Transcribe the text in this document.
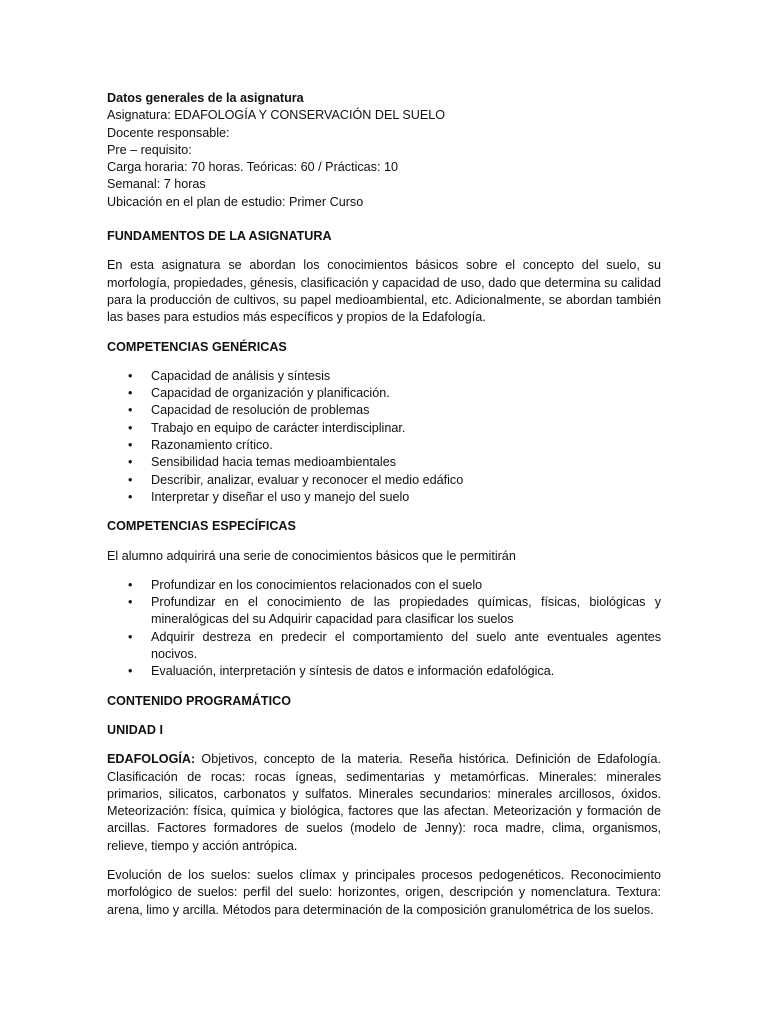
Datos generales de la asignatura

Asignatura: EDAFOLOGÍA Y CONSERVACIÓN DEL SUELO

Docente responsable:

Pre – requisito:

Carga horaria: 70 horas. Teóricas: 60 / Prácticas: 10

Semanal: 7 horas

Ubicación en el plan de estudio: Primer Curso

FUNDAMENTOS DE LA ASIGNATURA

En esta asignatura se abordan los conocimientos básicos sobre el concepto del suelo, su morfología, propiedades, génesis, clasificación y capacidad de uso, dado que determina su calidad para la producción de cultivos, su papel medioambiental, etc. Adicionalmente, se abordan también las bases para estudios más específicos y propios de la Edafología.

COMPETENCIAS GENÉRICAS

• Capacidad de análisis y síntesis
• Capacidad de organización y planificación.
• Capacidad de resolución de problemas
• Trabajo en equipo de carácter interdisciplinar.
• Razonamiento crítico.
• Sensibilidad hacia temas medioambientales
• Describir, analizar, evaluar y reconocer el medio edáfico
• Interpretar y diseñar el uso y manejo del suelo

COMPETENCIAS ESPECÍFICAS

El alumno adquirirá una serie de conocimientos básicos que le permitirán

• Profundizar en los conocimientos relacionados con el suelo
• Profundizar en el conocimiento de las propiedades químicas, físicas, biológicas y mineralógicas del su Adquirir capacidad para clasificar los suelos
• Adquirir destreza en predecir el comportamiento del suelo ante eventuales agentes nocivos.
• Evaluación, interpretación y síntesis de datos e información edafológica.

CONTENIDO PROGRAMÁTICO

UNIDAD I

EDAFOLOGÍA: Objetivos, concepto de la materia. Reseña histórica. Definición de Edafología. Clasificación de rocas: rocas ígneas, sedimentarias y metamórficas. Minerales: minerales primarios, silicatos, carbonatos y sulfatos. Minerales secundarios: minerales arcillosos, óxidos. Meteorización: física, química y biológica, factores que las afectan. Meteorización y formación de arcillas. Factores formadores de suelos (modelo de Jenny): roca madre, clima, organismos, relieve, tiempo y acción antrópica.

Evolución de los suelos: suelos clímax y principales procesos pedogenéticos. Reconocimiento morfológico de suelos: perfil del suelo: horizontes, origen, descripción y nomenclatura. Textura: arena, limo y arcilla. Métodos para determinación de la composición granulométrica de los suelos.
